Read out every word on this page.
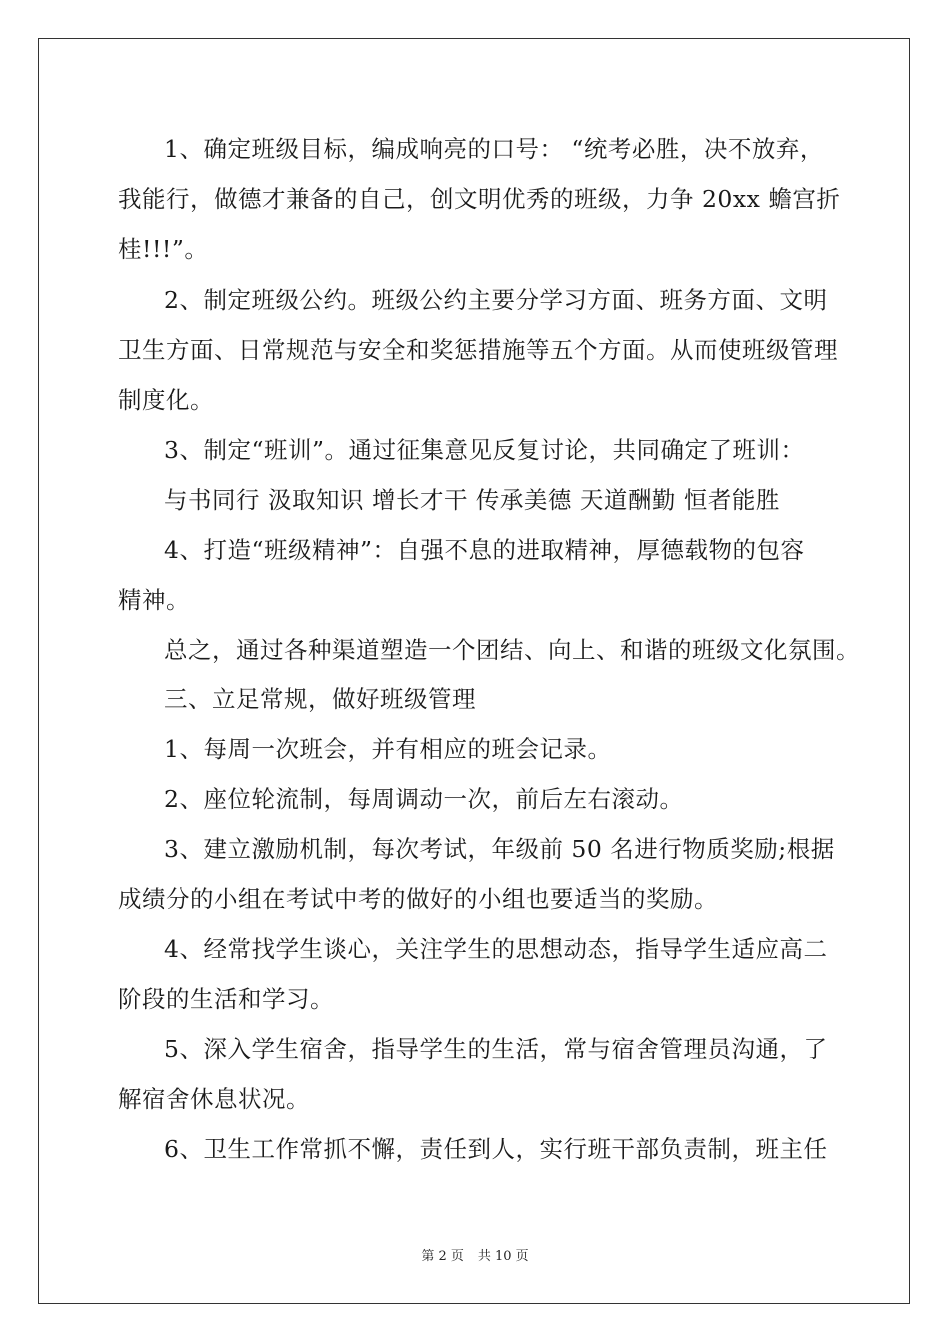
1、确定班级目标，编成响亮的口号： “统考必胜，决不放弃，
我能行，做德才兼备的自己，创文明优秀的班级，力争 20xx 蟾宫折
桂!!!”。
2、制定班级公约。班级公约主要分学习方面、班务方面、文明
卫生方面、日常规范与安全和奖惩措施等五个方面。从而使班级管理
制度化。
3、制定“班训”。通过征集意见反复讨论，共同确定了班训：
与书同行 汲取知识 增长才干 传承美德 天道酬勤 恒者能胜
4、打造“班级精神”：自强不息的进取精神，厚德载物的包容
精神。
总之，通过各种渠道塑造一个团结、向上、和谐的班级文化氛围。
三、立足常规，做好班级管理
1、每周一次班会，并有相应的班会记录。
2、座位轮流制，每周调动一次，前后左右滚动。
3、建立激励机制，每次考试，年级前 50 名进行物质奖励;根据
成绩分的小组在考试中考的做好的小组也要适当的奖励。
4、经常找学生谈心，关注学生的思想动态，指导学生适应高二
阶段的生活和学习。
5、深入学生宿舍，指导学生的生活，常与宿舍管理员沟通，了
解宿舍休息状况。
6、卫生工作常抓不懈，责任到人，实行班干部负责制，班主任
第 2 页 共 10 页
